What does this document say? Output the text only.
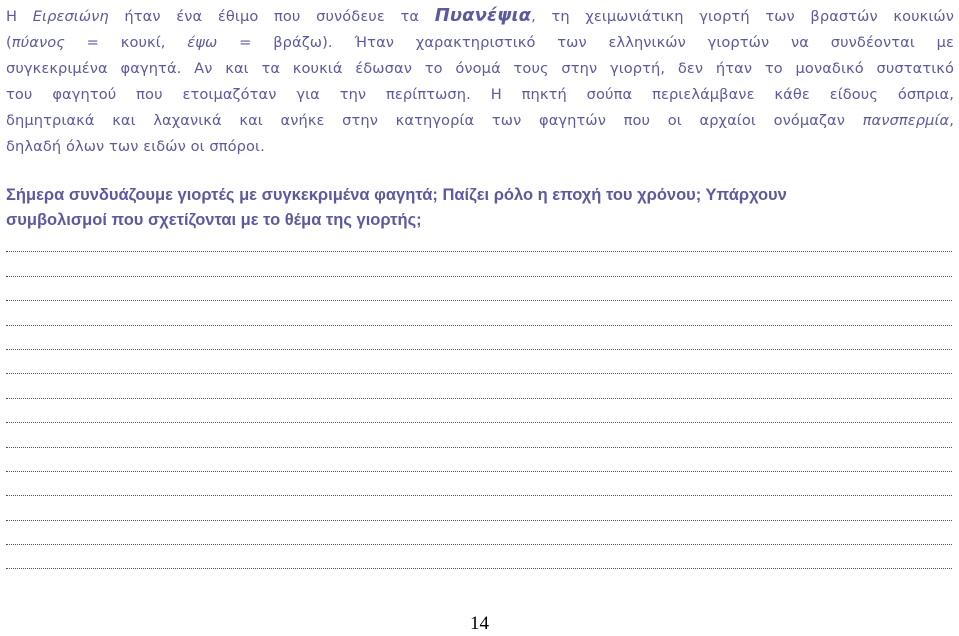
Η Ειρεσιώνη ήταν ένα έθιμο που συνόδευε τα Πυανέψια, τη χειμωνιάτικη γιορτή των βραστών κουκιών
(πύανος = κουκί, έψω = βράζω). Ήταν χαρακτηριστικό των ελληνικών γιορτών να συνδέονται με
συγκεκριμένα φαγητά. Αν και τα κουκιά έδωσαν το όνομά τους στην γιορτή, δεν ήταν το μοναδικό συστατικό
του φαγητού που ετοιμαζόταν για την περίπτωση. Η πηκτή σούπα περιελάμβανε κάθε είδους όσπρια,
δημητριακά και λαχανικά και ανήκε στην κατηγορία των φαγητών που οι αρχαίοι ονόμαζαν πανσπερμία,
δηλαδή όλων των ειδών οι σπόροι.
Σήμερα συνδυάζουμε γιορτές με συγκεκριμένα φαγητά; Παίζει ρόλο η εποχή του χρόνου; Υπάρχουν
συμβολισμοί που σχετίζονται με το θέμα της γιορτής;
14
